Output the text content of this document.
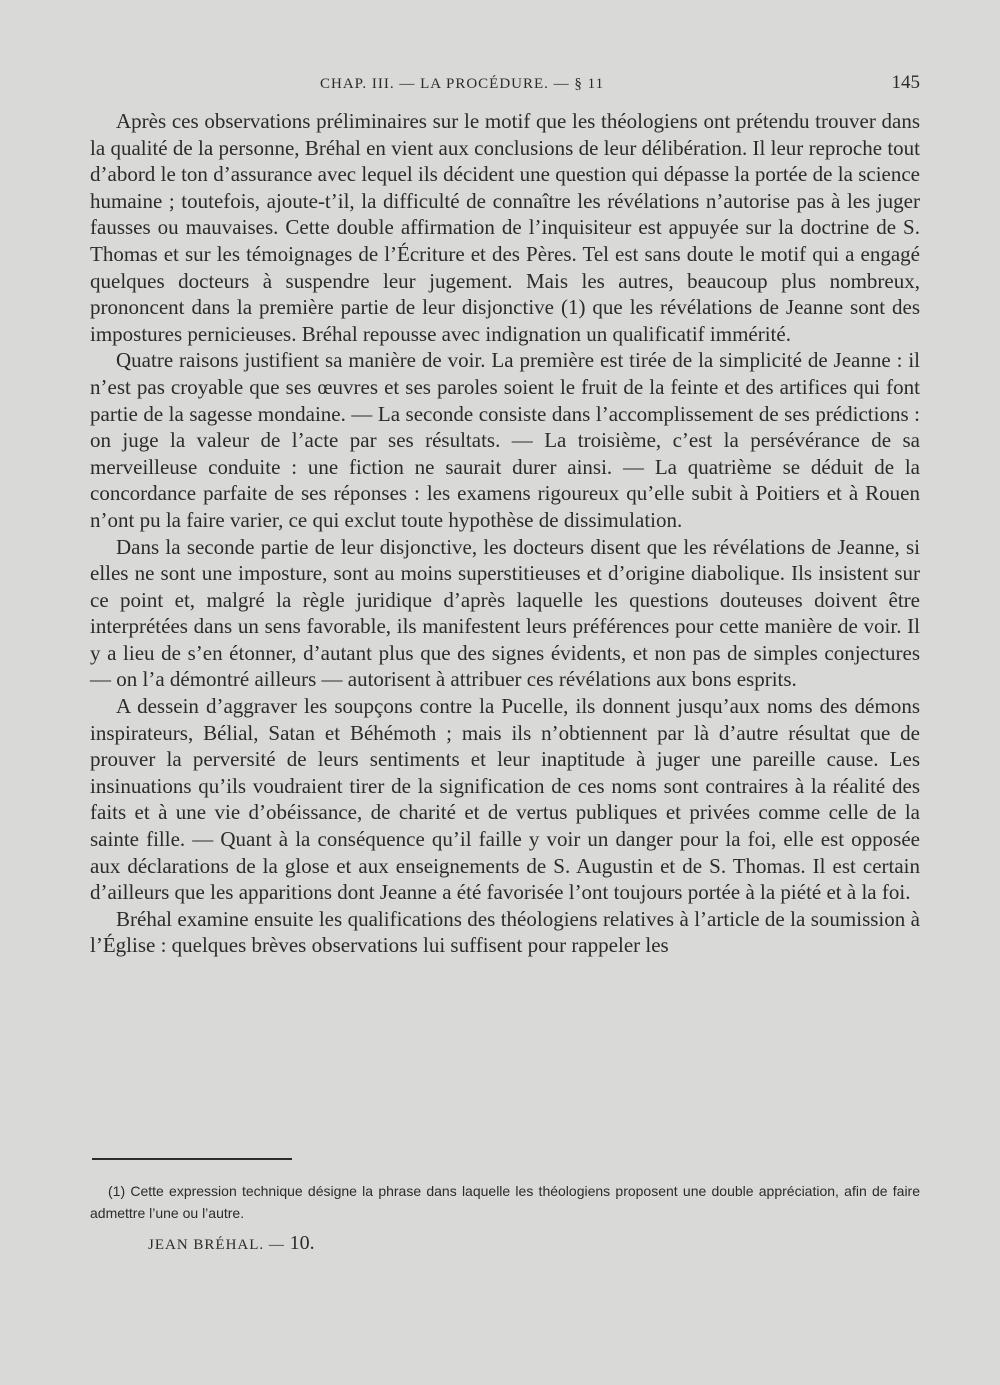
CHAP. III. — LA PROCÉDURE. — § 11	145

Après ces observations préliminaires sur le motif que les théologiens ont prétendu trouver dans la qualité de la personne, Bréhal en vient aux conclusions de leur délibération. Il leur reproche tout d’abord le ton d’assurance avec lequel ils décident une question qui dépasse la portée de la science humaine ; toutefois, ajoute-t’il, la difficulté de connaître les révélations n’autorise pas à les juger fausses ou mauvaises. Cette double affirmation de l’inquisiteur est appuyée sur la doctrine de S. Thomas et sur les témoignages de l’Écriture et des Pères. Tel est sans doute le motif qui a engagé quelques docteurs à suspendre leur jugement. Mais les autres, beaucoup plus nombreux, prononcent dans la première partie de leur disjonctive (1) que les révélations de Jeanne sont des impostures pernicieuses. Bréhal repousse avec indignation un qualificatif immérité.

Quatre raisons justifient sa manière de voir. La première est tirée de la simplicité de Jeanne : il n’est pas croyable que ses œuvres et ses paroles soient le fruit de la feinte et des artifices qui font partie de la sagesse mondaine. — La seconde consiste dans l’accomplissement de ses prédictions : on juge la valeur de l’acte par ses résultats. — La troisième, c’est la persévérance de sa merveilleuse conduite : une fiction ne saurait durer ainsi. — La quatrième se déduit de la concordance parfaite de ses réponses : les examens rigoureux qu’elle subit à Poitiers et à Rouen n’ont pu la faire varier, ce qui exclut toute hypothèse de dissimulation.

Dans la seconde partie de leur disjonctive, les docteurs disent que les révélations de Jeanne, si elles ne sont une imposture, sont au moins superstitieuses et d’origine diabolique. Ils insistent sur ce point et, malgré la règle juridique d’après laquelle les questions douteuses doivent être interprétées dans un sens favorable, ils manifestent leurs préférences pour cette manière de voir. Il y a lieu de s’en étonner, d’autant plus que des signes évidents, et non pas de simples conjectures — on l’a démontré ailleurs — autorisent à attribuer ces révélations aux bons esprits.

A dessein d’aggraver les soupçons contre la Pucelle, ils donnent jusqu’aux noms des démons inspirateurs, Bélial, Satan et Béhémoth ; mais ils n’obtiennent par là d’autre résultat que de prouver la perversité de leurs sentiments et leur inaptitude à juger une pareille cause. Les insinuations qu’ils voudraient tirer de la signification de ces noms sont contraires à la réalité des faits et à une vie d’obéissance, de charité et de vertus publiques et privées comme celle de la sainte fille. — Quant à la conséquence qu’il faille y voir un danger pour la foi, elle est opposée aux déclarations de la glose et aux enseignements de S. Augustin et de S. Thomas. Il est certain d’ailleurs que les apparitions dont Jeanne a été favorisée l’ont toujours portée à la piété et à la foi.

Bréhal examine ensuite les qualifications des théologiens relatives à l’article de la soumission à l’Église : quelques brèves observations lui suffisent pour rappeler les

(1) Cette expression technique désigne la phrase dans laquelle les théologiens proposent une double appréciation, afin de faire admettre l’une ou l’autre.
JEAN BRÉHAL. — 10.
